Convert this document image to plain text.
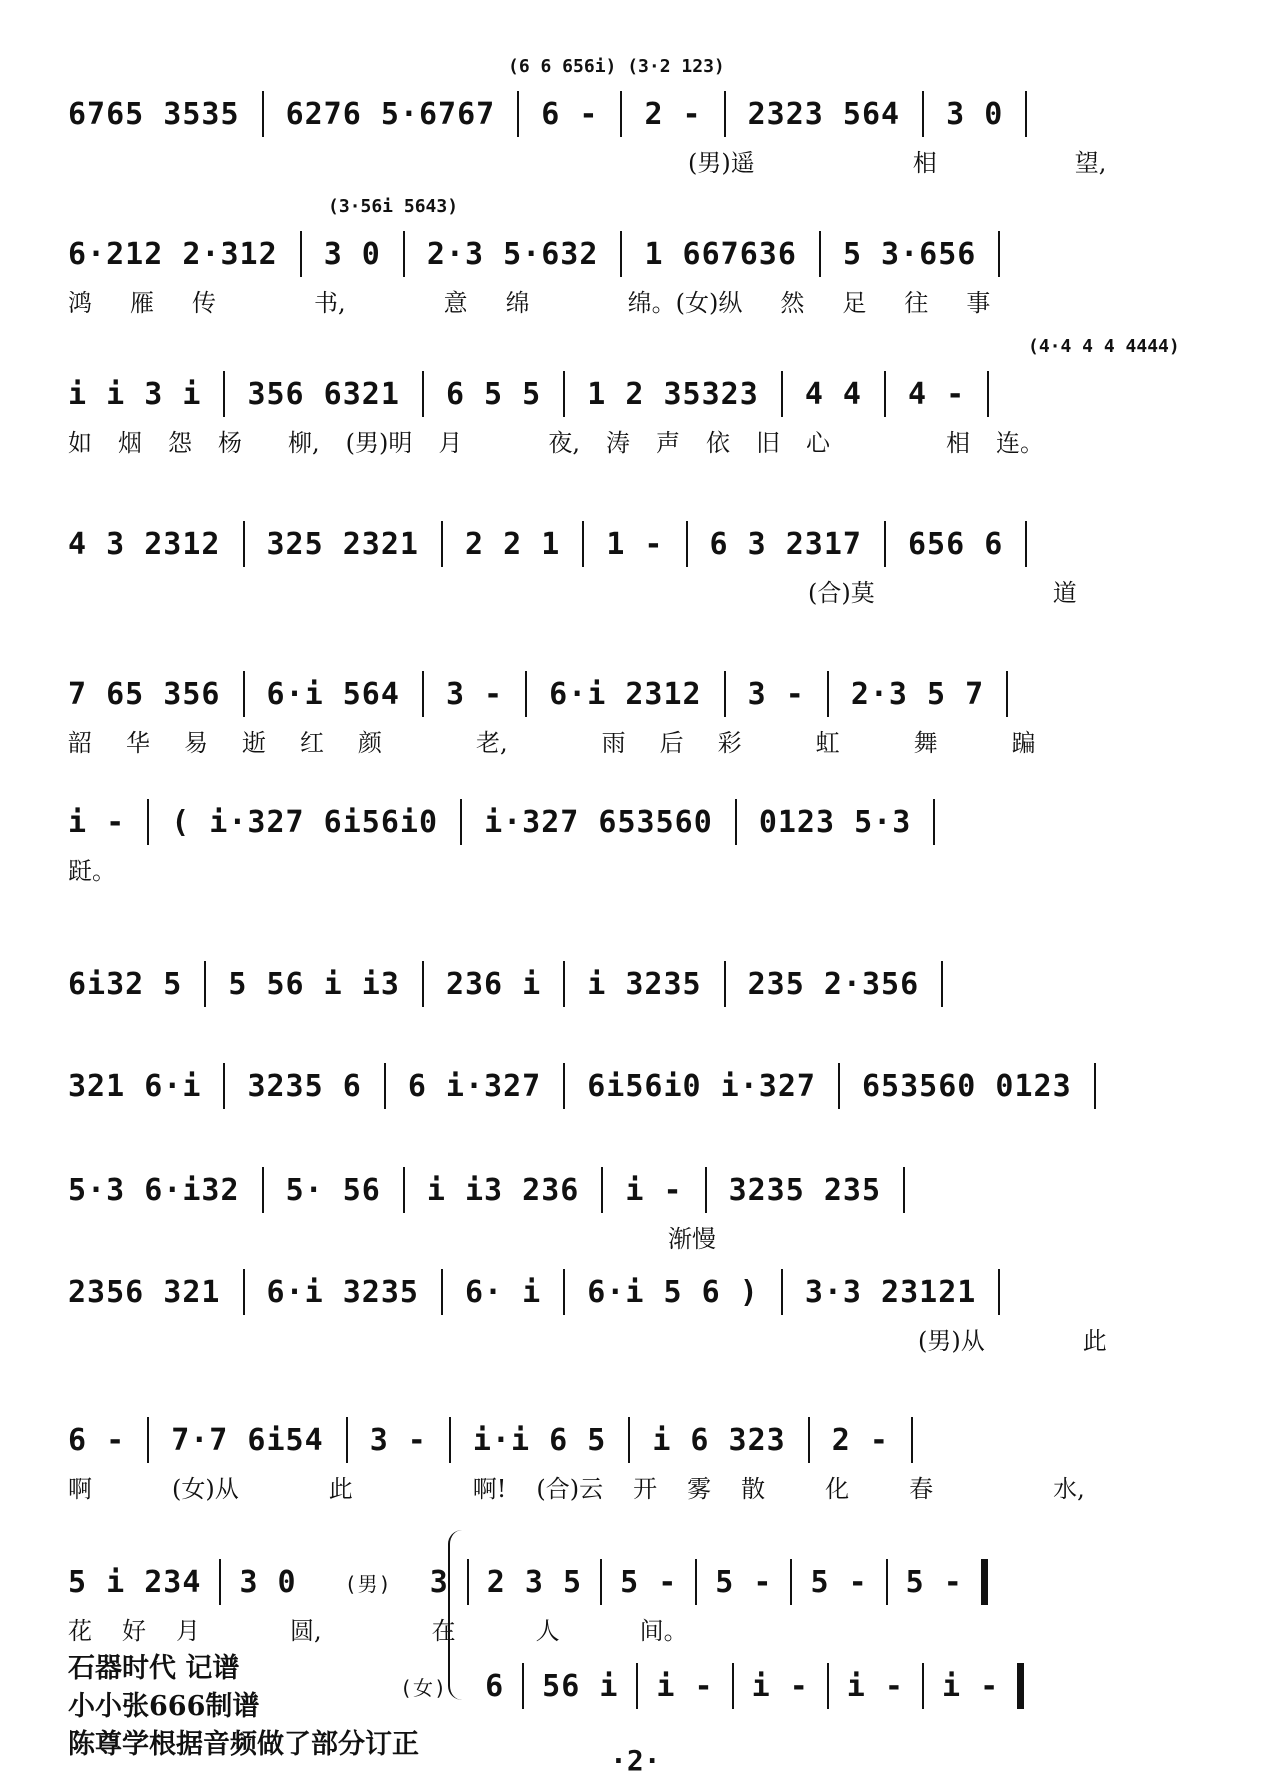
(6 6 656i) (3·2 123)
6765 3535 6276 5·6767 6 - 2 - 2323 564 3 0
(男)遥	相	望,
(3·56i 5643)
6·212 2·312 3 0 2·3 5·632 1 667636 5 3·656
鸿 雁 传	书,	意 绵	绵。(女)纵 然 足 往 事
(4·4 4 4 4444)
i i 3 i 356 6321 6 5 5 1 2 35323 4 4 4 -
如 烟 怨 杨 柳, (男)明 月	夜, 涛 声 依 旧 心	相 连。
4 3 2312 325 2321 2 2 1 1 - 6 3 2317 656 6
(合)莫	道
7 65 356 6·i 564 3 - 6·i 2312 3 - 2·3 5 7
韶 华 易 逝 红 颜	老,	雨 后 彩	虹	舞	蹁
i - ( i·327 6i56i0 i·327 653560 0123 5·3
跹。
6i32 5 5 56 i i3 236 i i 3235 235 2·356
321 6·i 3235 6 6 i·327 6i56i0 i·327 653560 0123
5·3 6·i32 5· 56 i i3 236 i - 3235 235
渐慢
2356 321 6·i 3235 6· i 6·i 5 6 ) 3·3 23121
(男)从	此
6 - 7·7 6i54 3 - i·i 6 5 i 6 323 2 -
啊	(女)从	此	啊! (合)云 开 雾 散	化	春	水,
5 i 234 3 0 (男) 3 2 3 5 5 - 5 - 5 - 5 -
花 好 月	圆,	在	人	间。
(女) 6 56 i i - i - i - i -
石器时代 记谱
小小张666制谱
陈尊学根据音频做了部分订正	·2·
